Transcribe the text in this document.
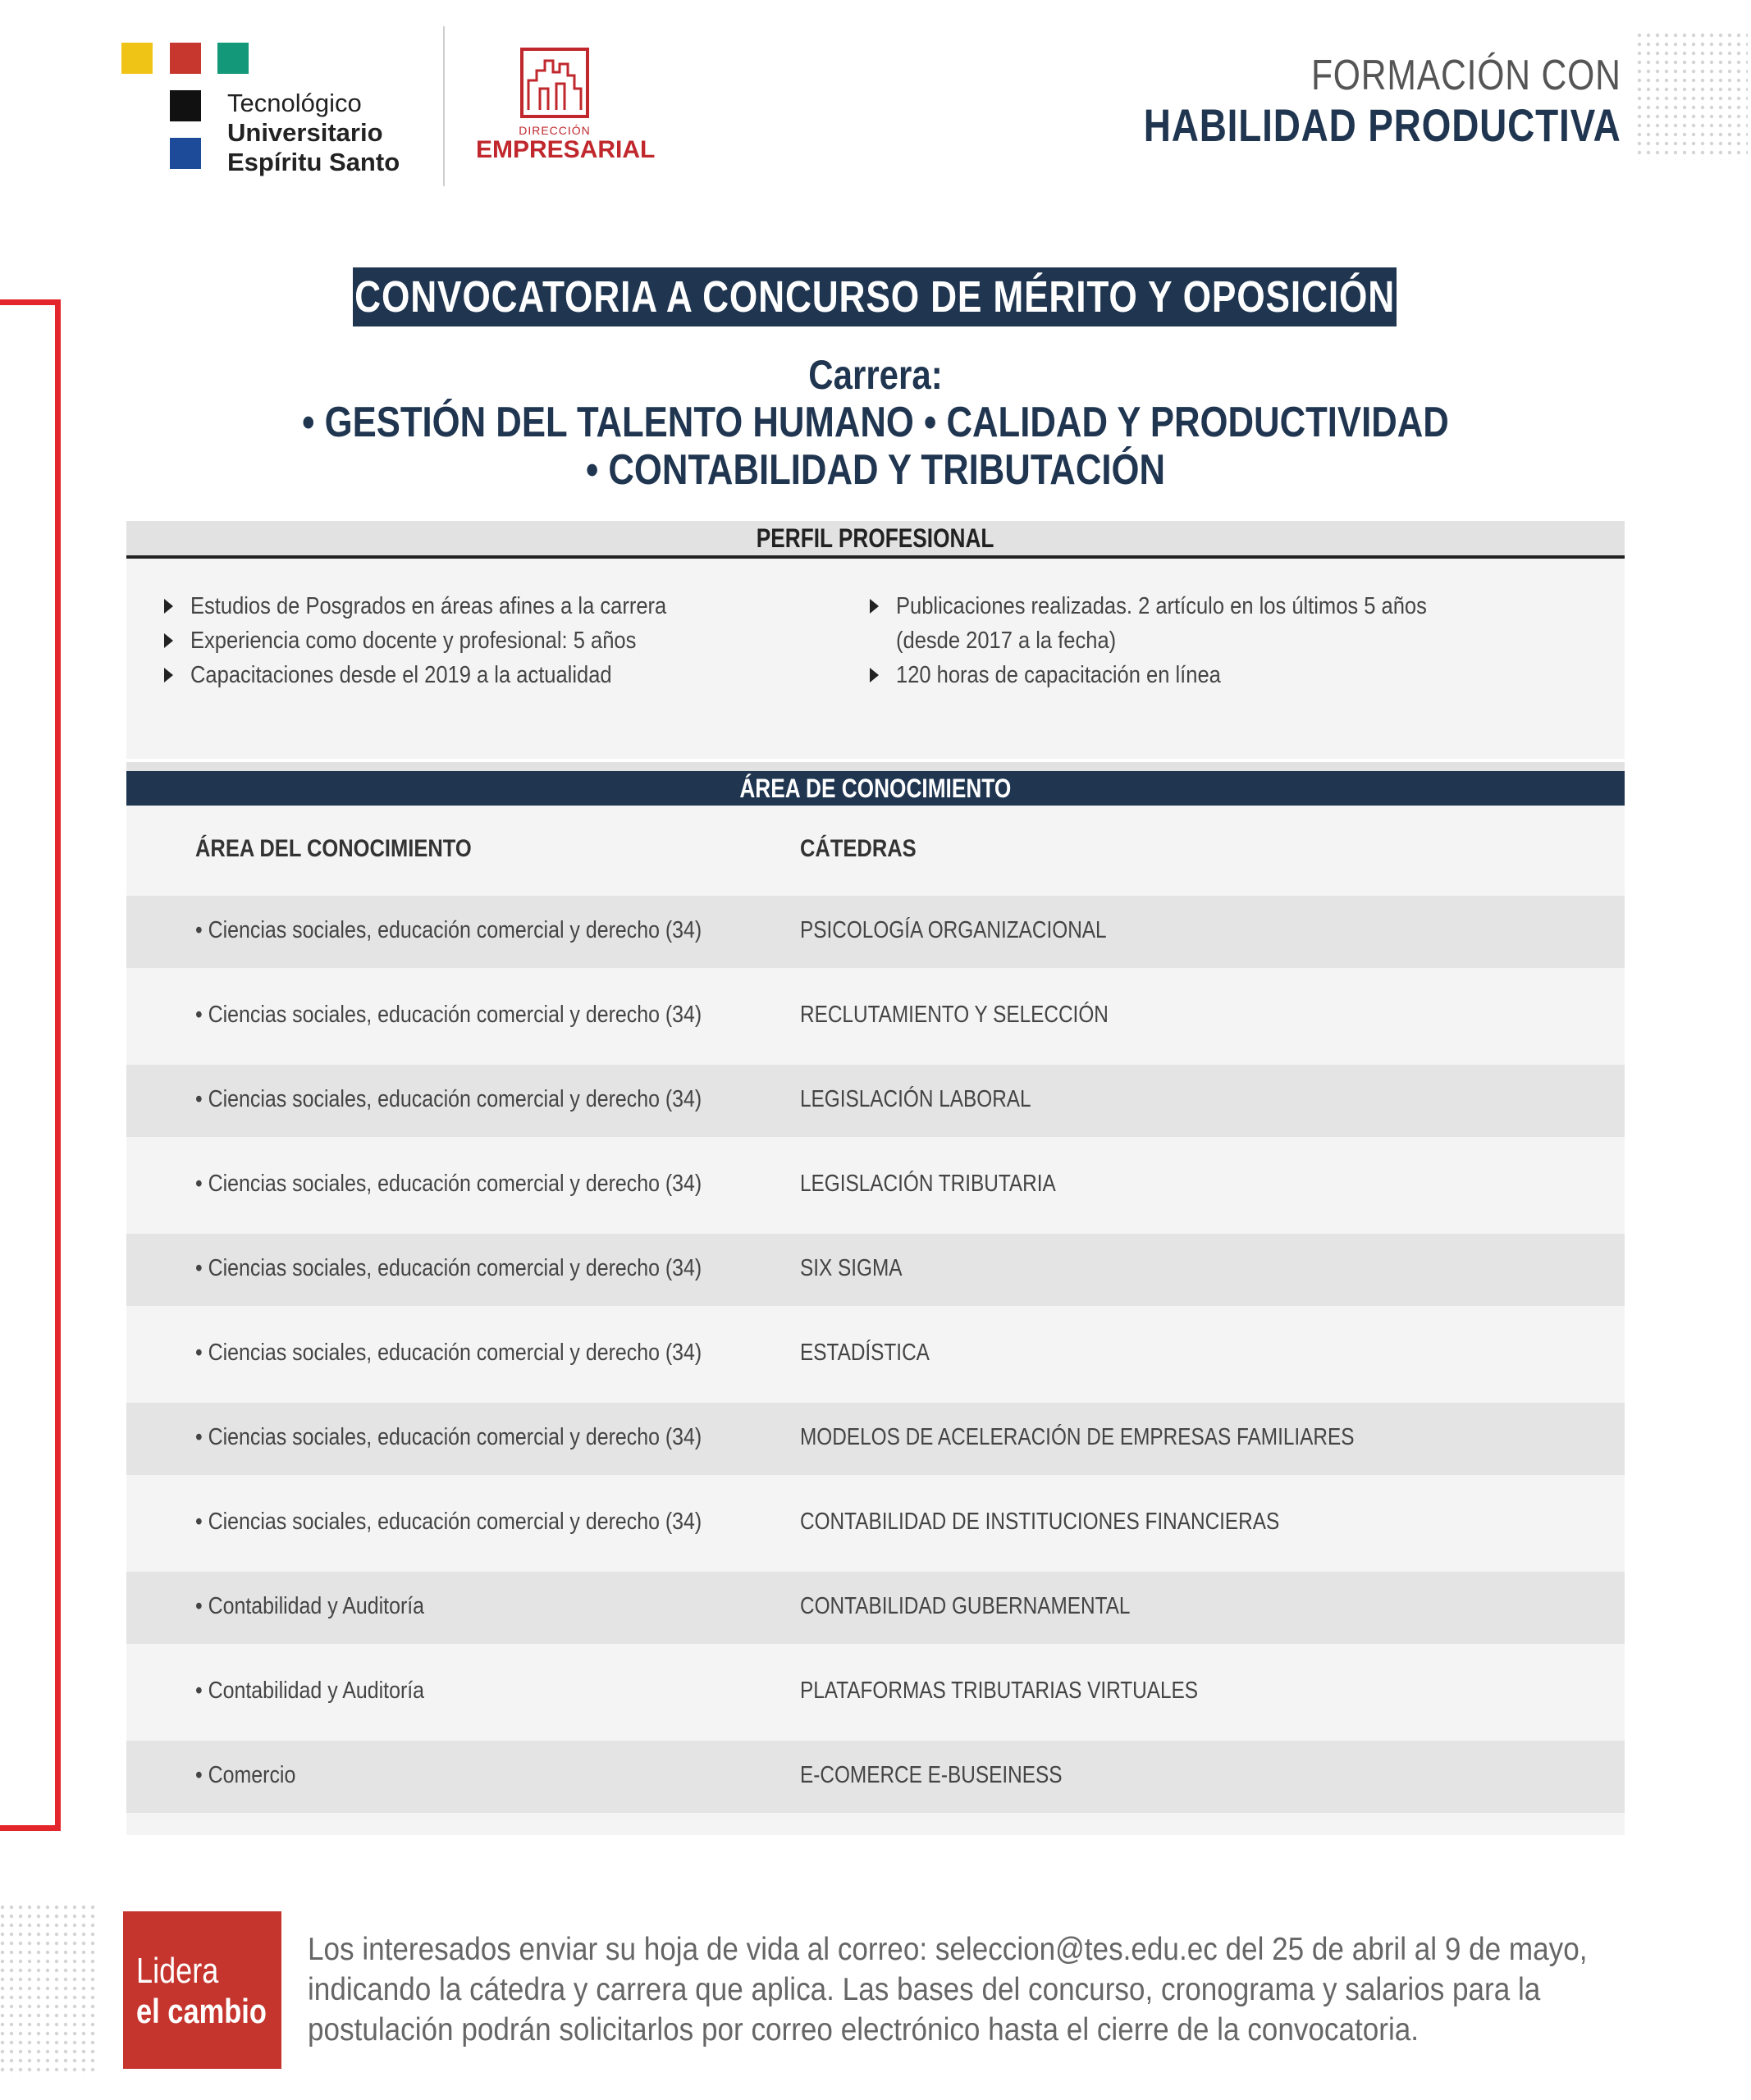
Tecnológico
Universitario
Espíritu Santo
DIRECCIÓN
EMPRESARIAL
FORMACIÓN CON
HABILIDAD PRODUCTIVA
CONVOCATORIA A CONCURSO DE MÉRITO Y OPOSICIÓN
Carrera:
• GESTIÓN DEL TALENTO HUMANO • CALIDAD Y PRODUCTIVIDAD
• CONTABILIDAD Y TRIBUTACIÓN
PERFIL PROFESIONAL
Estudios de Posgrados en áreas afines a la carrera
Experiencia como docente y profesional: 5 años
Capacitaciones desde el 2019 a la actualidad
Publicaciones realizadas. 2 artículo en los últimos 5 años
(desde 2017 a la fecha)
120 horas de capacitación en línea
ÁREA DE CONOCIMIENTO
ÁREA DEL CONOCIMIENTO	CÁTEDRAS
• Ciencias sociales, educación comercial y derecho (34)	PSICOLOGÍA ORGANIZACIONAL
• Ciencias sociales, educación comercial y derecho (34)	RECLUTAMIENTO Y SELECCIÓN
• Ciencias sociales, educación comercial y derecho (34)	LEGISLACIÓN LABORAL
• Ciencias sociales, educación comercial y derecho (34)	LEGISLACIÓN TRIBUTARIA
• Ciencias sociales, educación comercial y derecho (34)	SIX SIGMA
• Ciencias sociales, educación comercial y derecho (34)	ESTADÍSTICA
• Ciencias sociales, educación comercial y derecho (34)	MODELOS DE ACELERACIÓN DE EMPRESAS FAMILIARES
• Ciencias sociales, educación comercial y derecho (34)	CONTABILIDAD DE INSTITUCIONES FINANCIERAS
• Contabilidad y Auditoría	CONTABILIDAD GUBERNAMENTAL
• Contabilidad y Auditoría	PLATAFORMAS TRIBUTARIAS VIRTUALES
• Comercio	E-COMERCE E-BUSEINESS
Lidera
el cambio
Los interesados enviar su hoja de vida al correo: seleccion@tes.edu.ec del 25 de abril al 9 de mayo,
indicando la cátedra y carrera que aplica. Las bases del concurso, cronograma y salarios para la
postulación podrán solicitarlos por correo electrónico hasta el cierre de la convocatoria.
